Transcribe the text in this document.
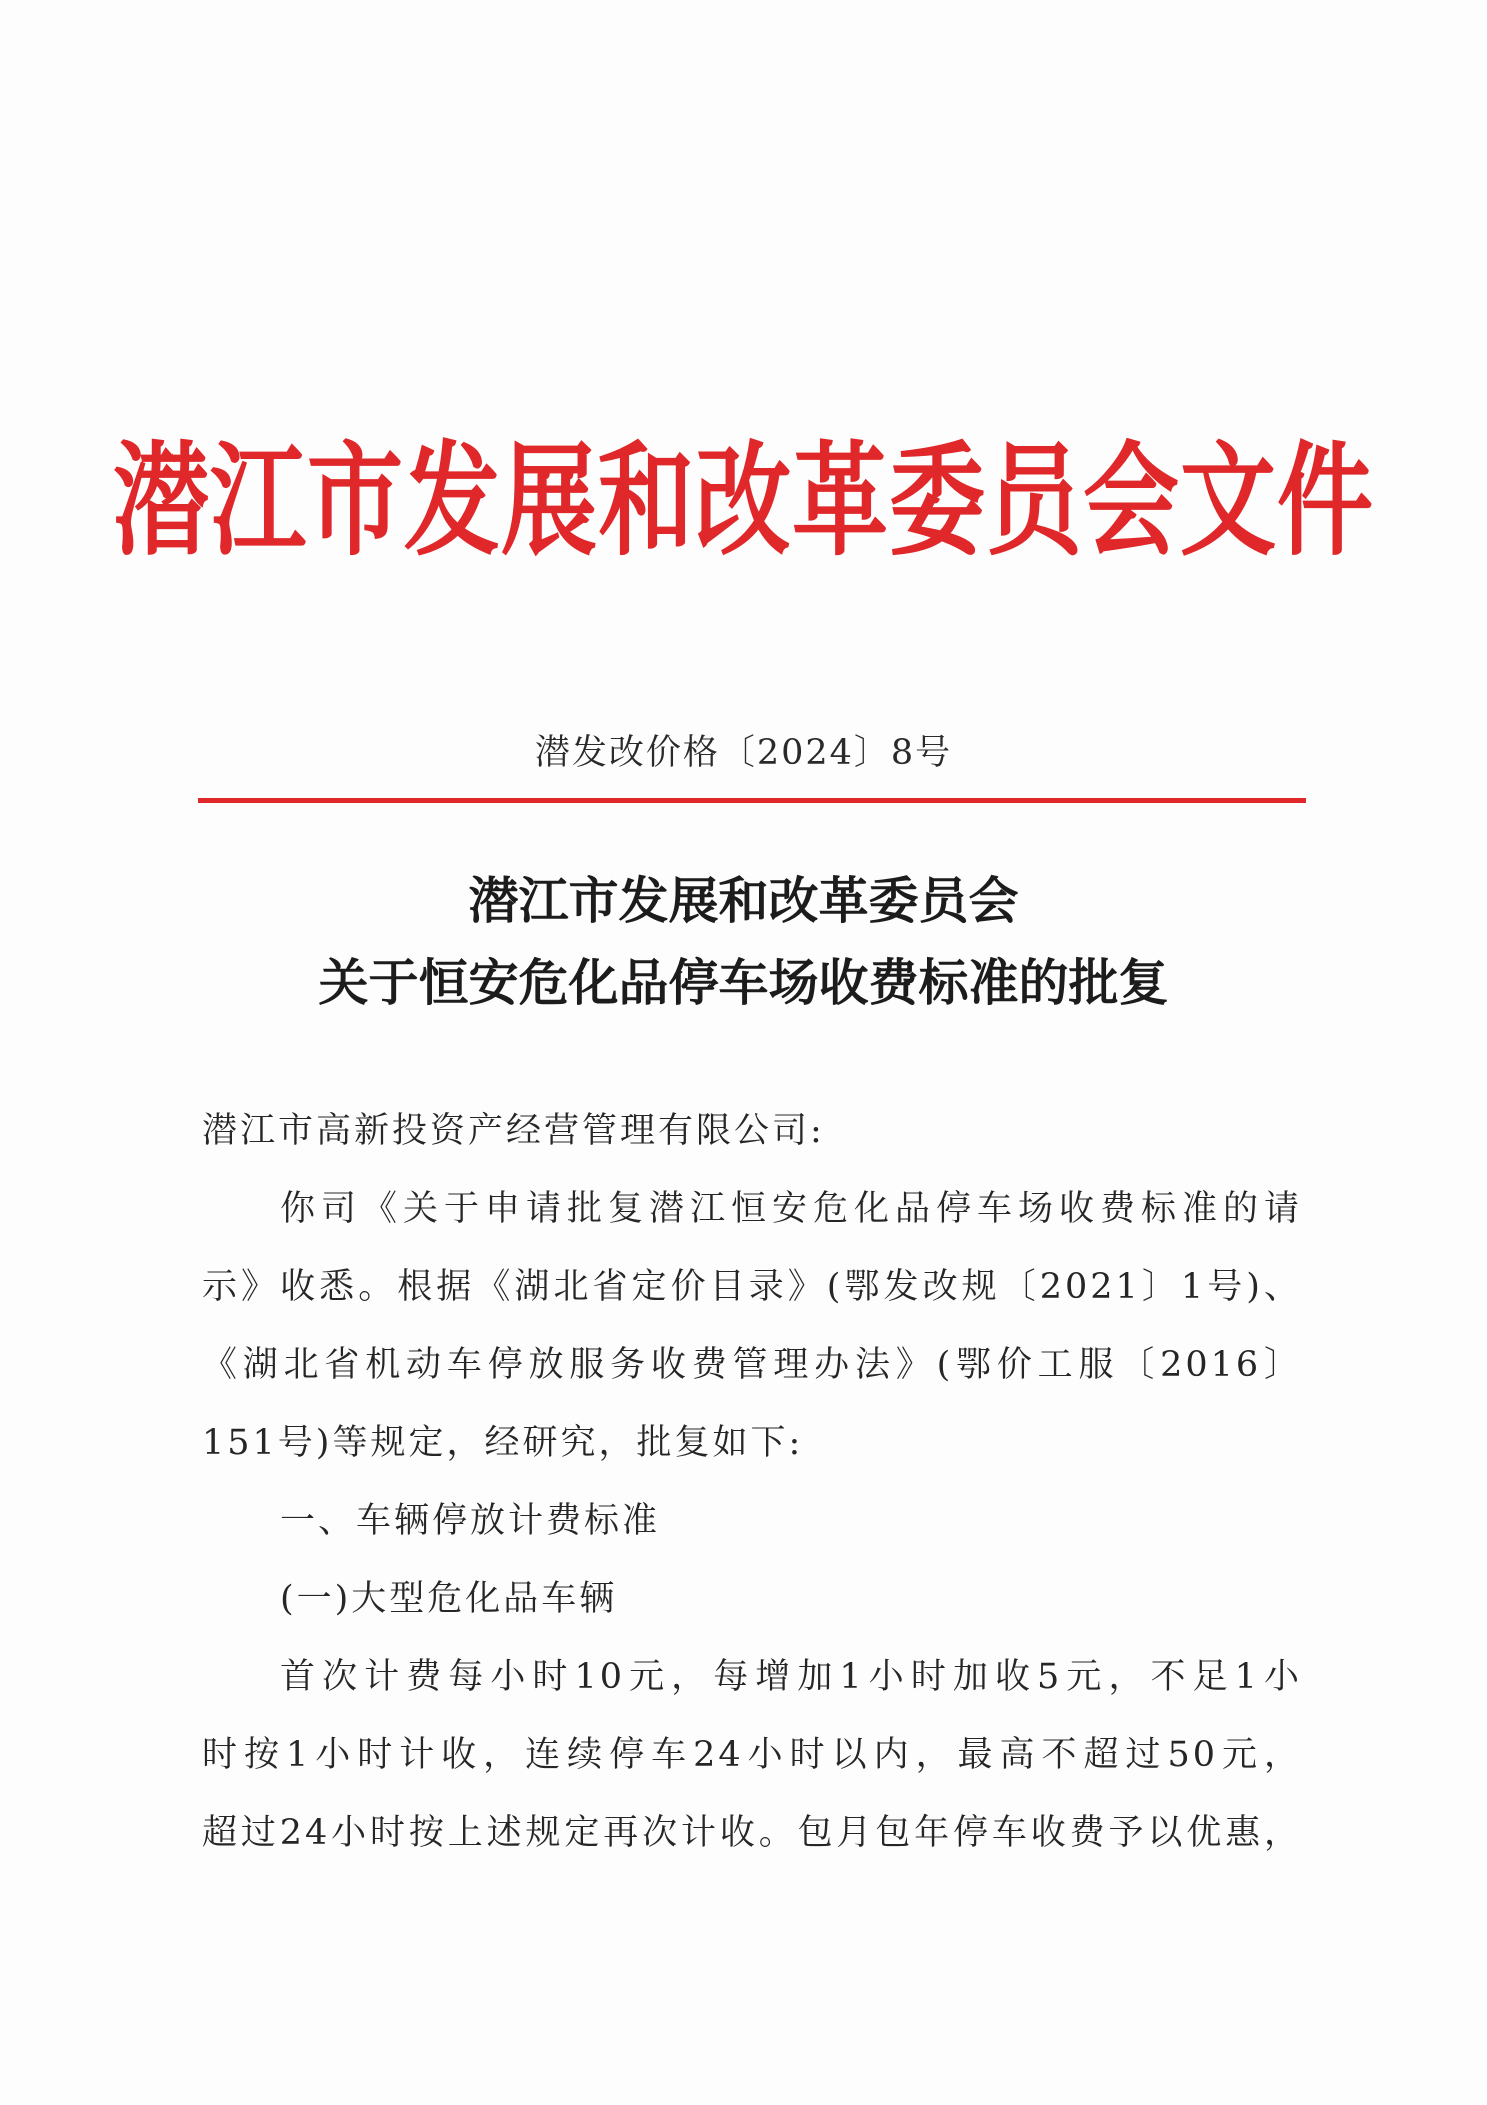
潜江市发展和改革委员会文件
潜发改价格〔2024〕8号
潜江市发展和改革委员会
关于恒安危化品停车场收费标准的批复
潜江市高新投资产经营管理有限公司:
你司《关于申请批复潜江恒安危化品停车场收费标准的请
示》收悉。根据《湖北省定价目录》(鄂发改规〔2021〕1号)、
《湖北省机动车停放服务收费管理办法》(鄂价工服〔2016〕
151号)等规定，经研究，批复如下:
一、车辆停放计费标准
(一)大型危化品车辆
首次计费每小时10元，每增加1小时加收5元，不足1小
时按1小时计收，连续停车24小时以内，最高不超过50元，
超过24小时按上述规定再次计收。包月包年停车收费予以优惠，
